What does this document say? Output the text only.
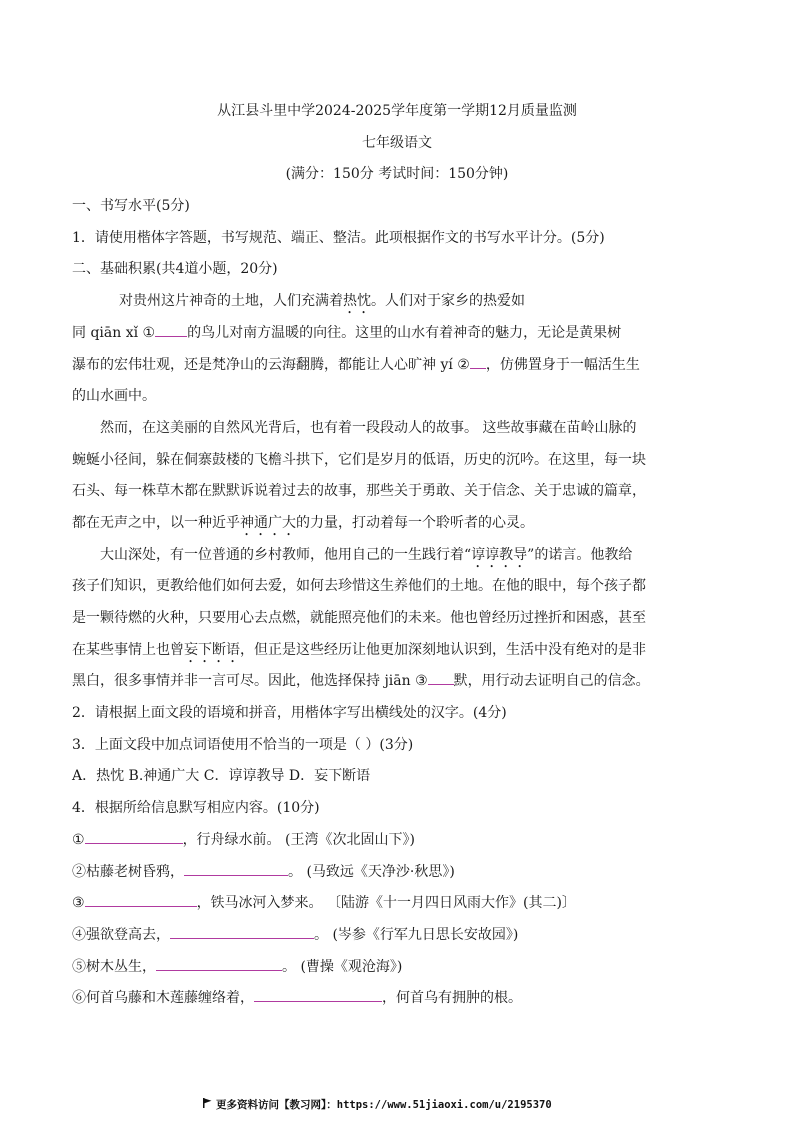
从江县斗里中学2024-2025学年度第一学期12月质量监测
七年级语文
(满分：150分 考试时间：150分钟)
一、书写水平(5分)
1．请使用楷体字答题，书写规范、端正、整洁。此项根据作文的书写水平计分。(5分)
二、基础积累(共4道小题，20分)
对贵州这片神奇的土地，人们充满着热忱。人们对于家乡的热爱如
同 qiān xǐ ① 的鸟儿对南方温暖的向往。这里的山水有着神奇的魅力，无论是黄果树
瀑布的宏伟壮观，还是梵净山的云海翻腾，都能让人心旷神 yí ② ，仿佛置身于一幅活生生
的山水画中。
然而，在这美丽的自然风光背后，也有着一段段动人的故事。 这些故事藏在苗岭山脉的
蜿蜒小径间，躲在侗寨鼓楼的飞檐斗拱下，它们是岁月的低语，历史的沉吟。在这里，每一块
石头、每一株草木都在默默诉说着过去的故事，那些关于勇敢、关于信念、关于忠诚的篇章，
都在无声之中，以一种近乎神通广大的力量，打动着每一个聆听者的心灵。
大山深处，有一位普通的乡村教师，他用自己的一生践行着“谆谆教导”的诺言。他教给
孩子们知识，更教给他们如何去爱，如何去珍惜这生养他们的土地。在他的眼中，每个孩子都
是一颗待燃的火种，只要用心去点燃，就能照亮他们的未来。他也曾经历过挫折和困惑，甚至
在某些事情上也曾妄下断语，但正是这些经历让他更加深刻地认识到，生活中没有绝对的是非
黑白，很多事情并非一言可尽。因此，他选择保持 jiān ③ 默，用行动去证明自己的信念。
2．请根据上面文段的语境和拼音，用楷体字写出横线处的汉字。(4分)
3．上面文段中加点词语使用不恰当的一项是（ ）(3分)
A．热忱 B.神通广大 C．谆谆教导 D．妄下断语
4．根据所给信息默写相应内容。(10分)
①	，行舟绿水前。 (王湾《次北固山下》)
②枯藤老树昏鸦，	。 (马致远《天净沙·秋思》)
③	，铁马冰河入梦来。 〔陆游《十一月四日风雨大作》(其二)〕
④强欲登高去，	。 (岑参《行军九日思长安故园》)
⑤树木丛生，	。 (曹操《观沧海》)
⑥何首乌藤和木莲藤缠络着，	，何首乌有拥肿的根。
更多资料访问【教习网】：https://www.51jiaoxi.com/u/2195370
